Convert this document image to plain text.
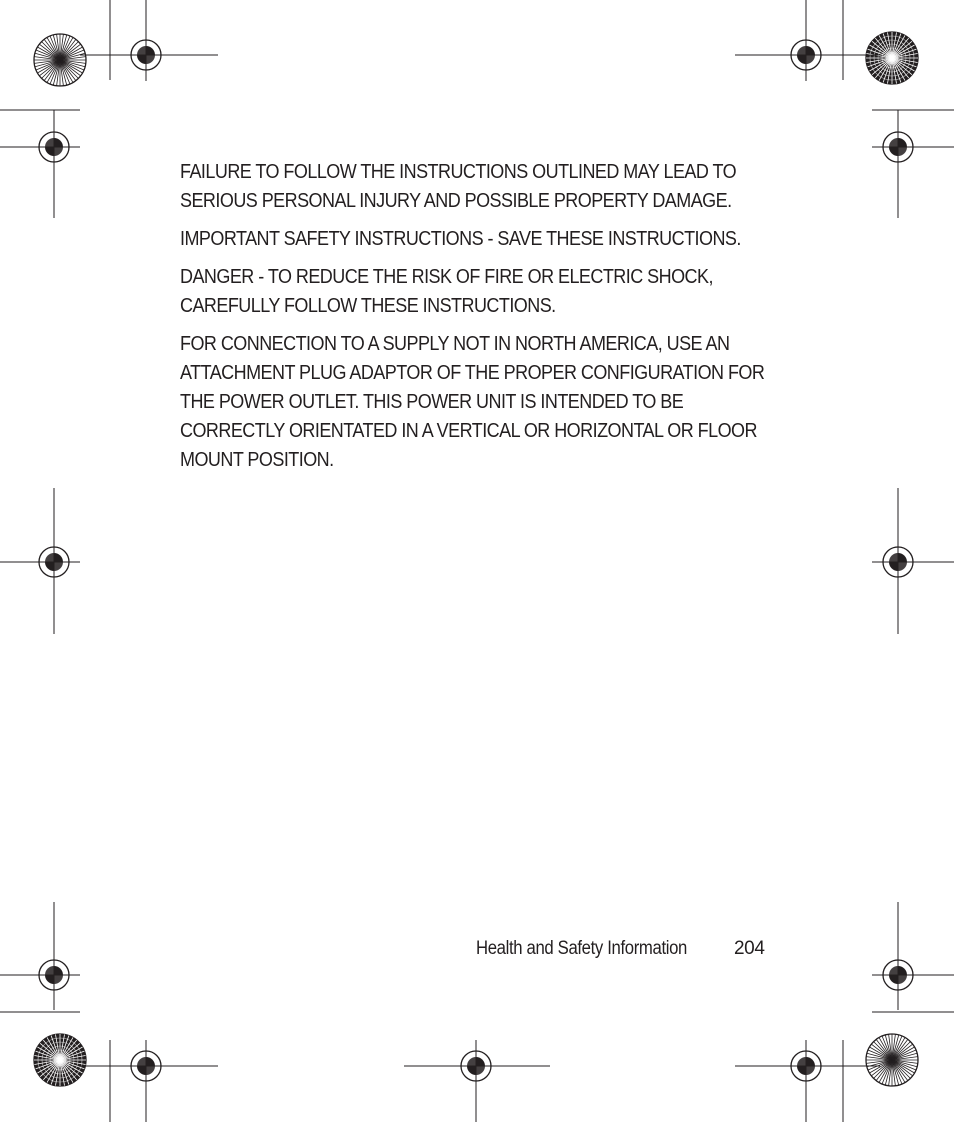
FAILURE TO FOLLOW THE INSTRUCTIONS OUTLINED MAY LEAD TO SERIOUS PERSONAL INJURY AND POSSIBLE PROPERTY DAMAGE.

IMPORTANT SAFETY INSTRUCTIONS - SAVE THESE INSTRUCTIONS.

DANGER - TO REDUCE THE RISK OF FIRE OR ELECTRIC SHOCK, CAREFULLY FOLLOW THESE INSTRUCTIONS.

FOR CONNECTION TO A SUPPLY NOT IN NORTH AMERICA, USE AN ATTACHMENT PLUG ADAPTOR OF THE PROPER CONFIGURATION FOR THE POWER OUTLET. THIS POWER UNIT IS INTENDED TO BE CORRECTLY ORIENTATED IN A VERTICAL OR HORIZONTAL OR FLOOR MOUNT POSITION.

Health and Safety Information 204
